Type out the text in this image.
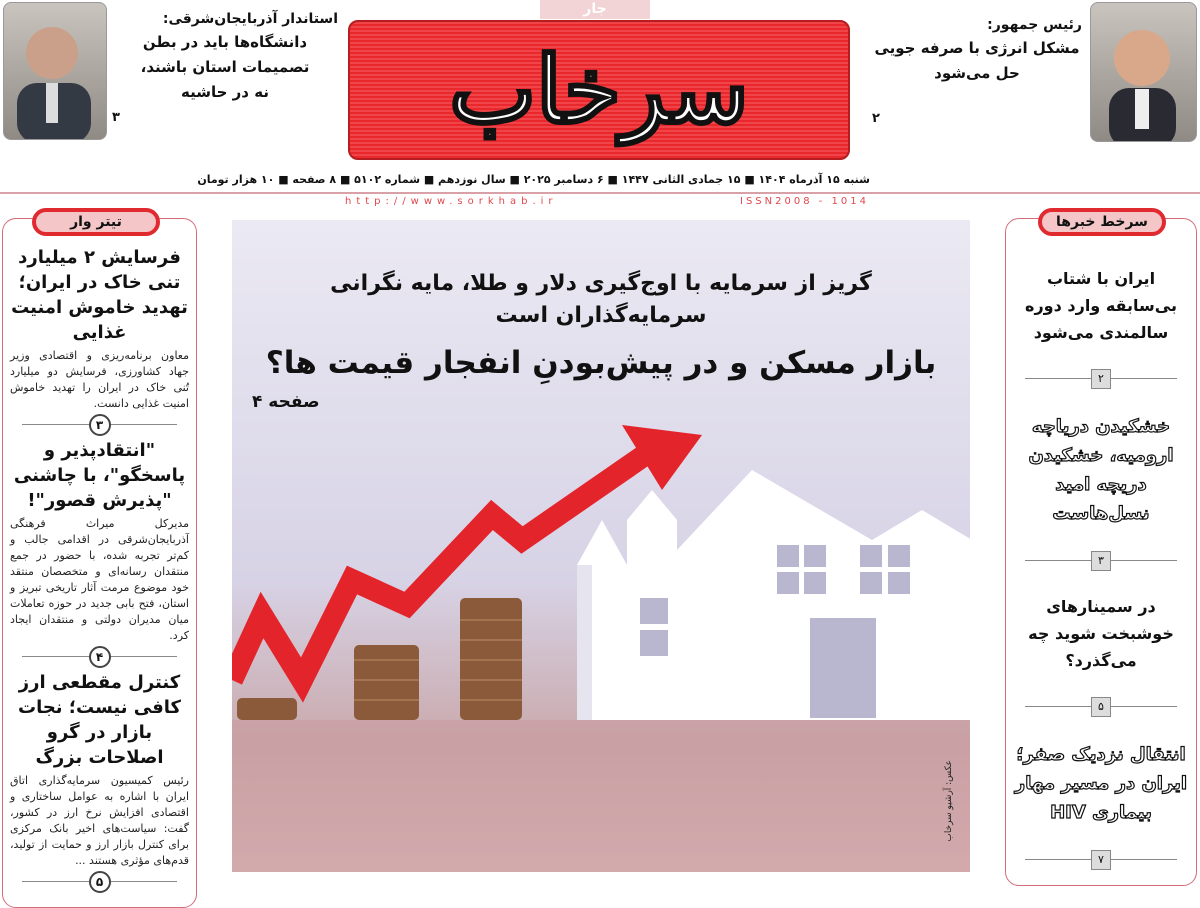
رئیس جمهور:
مشکل انرژی با صرفه جویی
حل می‌شود
۲
استاندار آذربایجان‌شرقی:
دانشگاه‌ها باید در بطن
تصمیمات استان باشند،
نه در حاشیه
۳	سرخاب
جار
شنبه ۱۵ آذرماه ۱۴۰۴ ■ ۱۵ جمادی الثانی ۱۴۴۷ ■ ۶ دسامبر ۲۰۲۵ ■ سال نوزدهم ■ شماره ۵۱۰۲ ■ ۸ صفحه ■ ۱۰ هزار تومان
http://www.sorkhab.ir	ISSN2008 - 1014
تیتر وار
فرسایش ۲ میلیارد تنی خاک در ایران؛ تهدید خاموش امنیت غذایی
معاون برنامه‌ریزی و اقتصادی وزیر جهاد کشاورزی، فرسایش دو میلیارد تُنی خاک در ایران را تهدید خاموش امنیت غذایی دانست.
۳
"انتقادپذیر و پاسخگو"، با چاشنی "پذیرش قصور"!
مدیرکل میراث فرهنگی آذربایجان‌شرقی در اقدامی جالب و کم‌تر تجربه شده، با حضور در جمع منتقدان رسانه‌ای و متخصصان منتقد خود موضوع مرمت آثار تاریخی تبریز و استان، فتح بابی جدید در حوزه تعاملات میان مدیران دولتی و منتقدان ایجاد کرد.
۴
کنترل مقطعی ارز کافی نیست؛ نجات بازار در گرو اصلاحات بزرگ
رئیس کمیسیون سرمایه‌گذاری اتاق ایران با اشاره به عوامل ساختاری و اقتصادی افزایش نرخ ارز در کشور، گفت: سیاست‌های اخیر بانک مرکزی برای کنترل بازار ارز و حمایت از تولید، قدم‌های مؤثری هستند ...
۵
گریز از سرمایه با اوج‌گیری دلار و طلا، مایه نگرانی سرمایه‌گذاران است
بازار مسکن و در پیش‌بودنِ انفجار قیمت ها؟
صفحه ۴
عکس: آرشیو سرخاب
سرخط خبرها
ایران با شتاب بی‌سابقه وارد دوره سالمندی می‌شود
۲
خشکیدن دریاچه ارومیه، خشکیدن دریچه امید نسل‌هاست
۳
در سمینارهای خوشبخت شوید چه می‌گذرد؟
۵
انتقال نزدیک صفر؛ ایران در مسیر مهار بیماری HIV
۷
